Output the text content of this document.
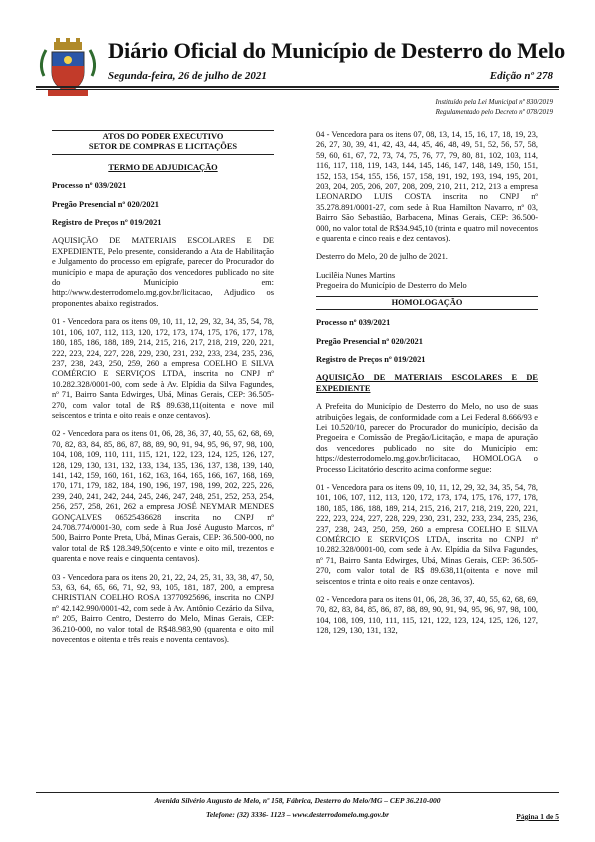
Diário Oficial do Município de Desterro do Melo
Segunda-feira, 26 de julho de 2021	Edição nº 278
Instituído pela Lei Municipal nº 830/2019
Regulamentado pelo Decreto nº 078/2019
ATOS DO PODER EXECUTIVO
SETOR DE COMPRAS E LICITAÇÕES

TERMO DE ADJUDICAÇÃO

Processo nº 039/2021

Pregão Presencial nº 020/2021

Registro de Preços nº 019/2021

AQUISIÇÃO DE MATERIAIS ESCOLARES E DE EXPEDIENTE, Pelo presente, considerando a Ata de Habilitação e Julgamento do processo em epígrafe, parecer do Procurador do município e mapa de apuração dos vencedores publicado no site do Município em: http://www.desterrodomelo.mg.gov.br/licitacao, Adjudico os proponentes abaixo registrados.

01 - Vencedora para os itens 09, 10, 11, 12, 29, 32, 34, 35, 54, 78, 101, 106, 107, 112, 113, 120, 172, 173, 174, 175, 176, 177, 178, 180, 185, 186, 188, 189, 214, 215, 216, 217, 218, 219, 220, 221, 222, 223, 224, 227, 228, 229, 230, 231, 232, 233, 234, 235, 236, 237, 238, 243, 250, 259, 260 a empresa COELHO E SILVA COMÉRCIO E SERVIÇOS LTDA, inscrita no CNPJ nº 10.282.328/0001-00, com sede à Av. Elpídia da Silva Fagundes, nº 71, Bairro Santa Edwirges, Ubá, Minas Gerais, CEP: 36.505-270, com valor total de R$ 89.638,11(oitenta e nove mil seiscentos e trinta e oito reais e onze centavos).

02 - Vencedora para os itens 01, 06, 28, 36, 37, 40, 55, 62, 68, 69, 70, 82, 83, 84, 85, 86, 87, 88, 89, 90, 91, 94, 95, 96, 97, 98, 100, 104, 108, 109, 110, 111, 115, 121, 122, 123, 124, 125, 126, 127, 128, 129, 130, 131, 132, 133, 134, 135, 136, 137, 138, 139, 140, 141, 142, 159, 160, 161, 162, 163, 164, 165, 166, 167, 168, 169, 170, 171, 179, 182, 184, 190, 196, 197, 198, 199, 202, 225, 226, 239, 240, 241, 242, 244, 245, 246, 247, 248, 251, 252, 253, 254, 256, 257, 258, 261, 262 a empresa JOSÉ NEYMAR MENDES GONÇALVES 06525436628 inscrita no CNPJ nº 24.708.774/0001-30, com sede à Rua José Augusto Marcos, nº 500, Bairro Ponte Preta, Ubá, Minas Gerais, CEP: 36.500-000, no valor total de R$ 128.349,50(cento e vinte e oito mil, trezentos e quarenta e nove reais e cinquenta centavos).

03 - Vencedora para os itens 20, 21, 22, 24, 25, 31, 33, 38, 47, 50, 53, 63, 64, 65, 66, 71, 92, 93, 105, 181, 187, 200, a empresa CHRISTIAN COELHO ROSA 13770925696, inscrita no CNPJ nº 42.142.990/0001-42, com sede à Av. Antônio Cezário da Silva, nº 205, Bairro Centro, Desterro do Melo, Minas Gerais, CEP: 36.210-000, no valor total de R$48.983,90 (quarenta e oito mil novecentos e oitenta e três reais e noventa centavos).

04 - Vencedora para os itens 07, 08, 13, 14, 15, 16, 17, 18, 19, 23, 26, 27, 30, 39, 41, 42, 43, 44, 45, 46, 48, 49, 51, 52, 56, 57, 58, 59, 60, 61, 67, 72, 73, 74, 75, 76, 77, 79, 80, 81, 102, 103, 114, 116, 117, 118, 119, 143, 144, 145, 146, 147, 148, 149, 150, 151, 152, 153, 154, 155, 156, 157, 158, 191, 192, 193, 194, 195, 201, 203, 204, 205, 206, 207, 208, 209, 210, 211, 212, 213 a empresa LEONARDO LUIS COSTA inscrita no CNPJ nº 35.278.891/0001-27, com sede à Rua Hamilton Navarro, nº 03, Bairro São Sebastião, Barbacena, Minas Gerais, CEP: 36.500-000, no valor total de R$34.945,10 (trinta e quatro mil novecentos e quarenta e cinco reais e dez centavos).

Desterro do Melo, 20 de julho de 2021.

Lucilêia Nunes Martins
Pregoeira do Município de Desterro do Melo

HOMOLOGAÇÃO

Processo nº 039/2021

Pregão Presencial nº 020/2021

Registro de Preços nº 019/2021

AQUISIÇÃO DE MATERIAIS ESCOLARES E DE EXPEDIENTE

A Prefeita do Município de Desterro do Melo, no uso de suas atribuições legais, de conformidade com a Lei Federal 8.666/93 e Lei 10.520/10, parecer do Procurador do município, decisão da Pregoeira e Comissão de Pregão/Licitação, e mapa de apuração dos vencedores publicado no site do Município em: https://desterrodomelo.mg.gov.br/licitacao, HOMOLOGA o Processo Licitatório descrito acima conforme segue:

01 - Vencedora para os itens 09, 10, 11, 12, 29, 32, 34, 35, 54, 78, 101, 106, 107, 112, 113, 120, 172, 173, 174, 175, 176, 177, 178, 180, 185, 186, 188, 189, 214, 215, 216, 217, 218, 219, 220, 221, 222, 223, 224, 227, 228, 229, 230, 231, 232, 233, 234, 235, 236, 237, 238, 243, 250, 259, 260 a empresa COELHO E SILVA COMÉRCIO E SERVIÇOS LTDA, inscrita no CNPJ nº 10.282.328/0001-00, com sede à Av. Elpídia da Silva Fagundes, nº 71, Bairro Santa Edwirges, Ubá, Minas Gerais, CEP: 36.505-270, com valor total de R$ 89.638,11(oitenta e nove mil seiscentos e trinta e oito reais e onze centavos).

02 - Vencedora para os itens 01, 06, 28, 36, 37, 40, 55, 62, 68, 69, 70, 82, 83, 84, 85, 86, 87, 88, 89, 90, 91, 94, 95, 96, 97, 98, 100, 104, 108, 109, 110, 111, 115, 121, 122, 123, 124, 125, 126, 127, 128, 129, 130, 131, 132,

Avenida Silvério Augusto de Melo, nº 158, Fábrica, Desterro do Melo/MG – CEP 36.210-000
Telefone: (32) 3336- 1123 – www.desterrodomelo.mg.gov.br	Página 1 de 5
